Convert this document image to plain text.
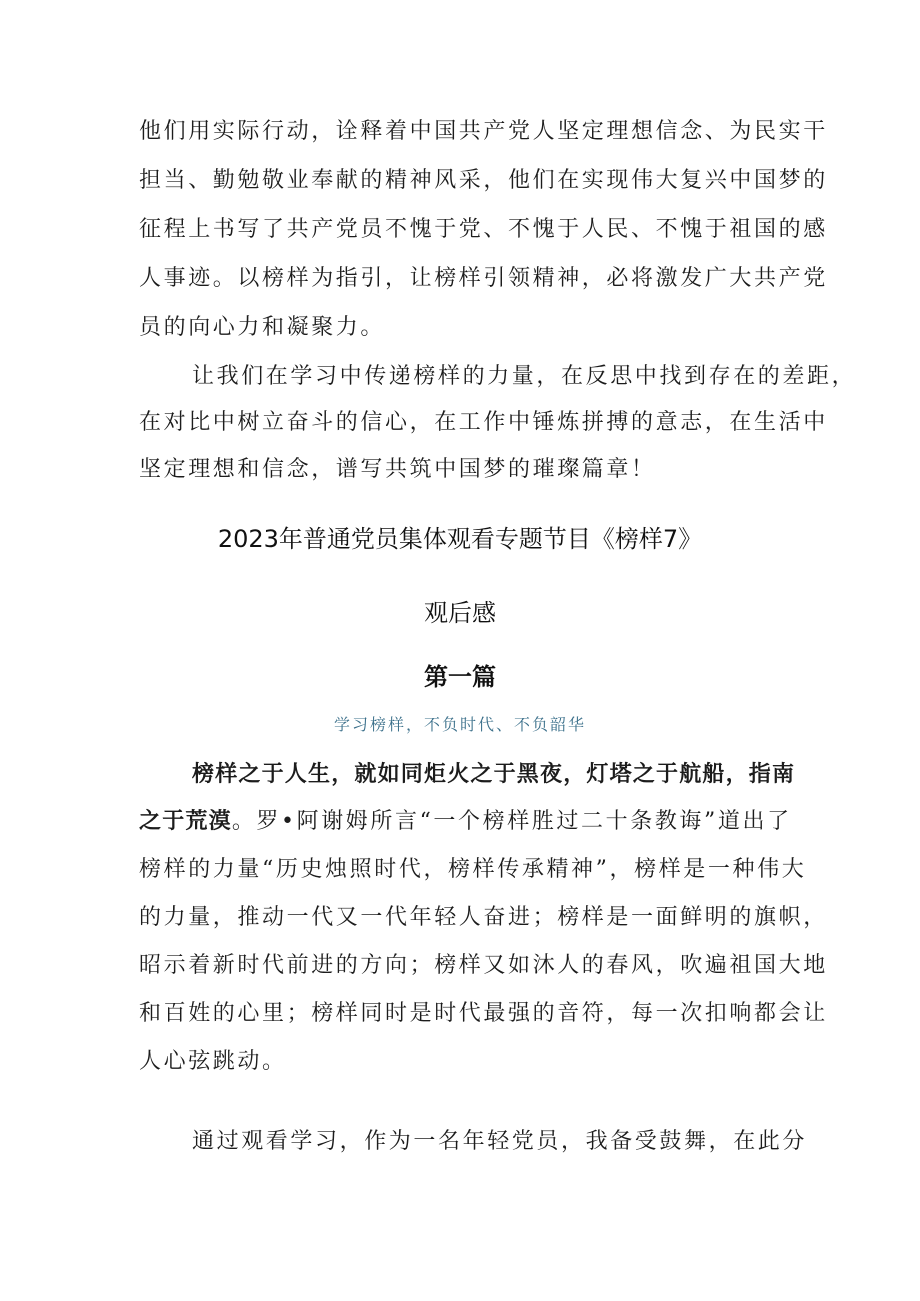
他们用实际行动，诠释着中国共产党人坚定理想信念、为民实干
担当、勤勉敬业奉献的精神风采，他们在实现伟大复兴中国梦的
征程上书写了共产党员不愧于党、不愧于人民、不愧于祖国的感
人事迹。以榜样为指引，让榜样引领精神，必将激发广大共产党
员的向心力和凝聚力。
让我们在学习中传递榜样的力量，在反思中找到存在的差距，
在对比中树立奋斗的信心，在工作中锤炼拼搏的意志，在生活中
坚定理想和信念，谱写共筑中国梦的璀璨篇章！
2023年普通党员集体观看专题节目《榜样7》
观后感
第一篇
学习榜样，不负时代、不负韶华
榜样之于人生，就如同炬火之于黑夜，灯塔之于航船，指南
之于荒漠。罗•阿谢姆所言“一个榜样胜过二十条教诲”道出了
榜样的力量“历史烛照时代，榜样传承精神”，榜样是一种伟大
的力量，推动一代又一代年轻人奋进；榜样是一面鲜明的旗帜，
昭示着新时代前进的方向；榜样又如沐人的春风，吹遍祖国大地
和百姓的心里；榜样同时是时代最强的音符，每一次扣响都会让
人心弦跳动。
通过观看学习，作为一名年轻党员，我备受鼓舞，在此分
